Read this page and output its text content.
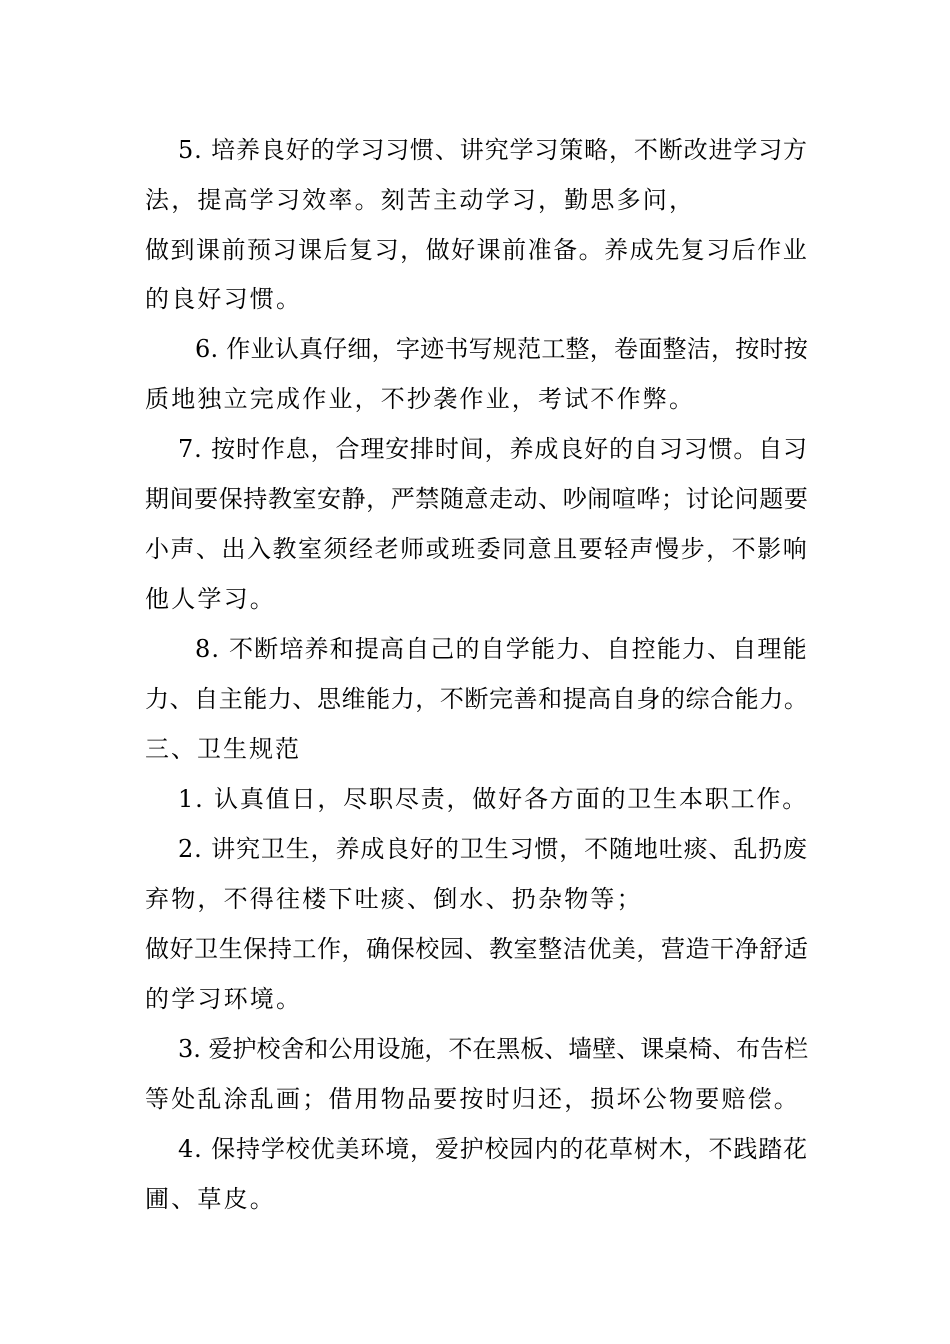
5. 培养良好的学习习惯、讲究学习策略，不断改进学习方
法，提高学习效率。刻苦主动学习，勤思多问，
做到课前预习课后复习，做好课前准备。养成先复习后作业
的良好习惯。
6. 作业认真仔细，字迹书写规范工整，卷面整洁，按时按
质地独立完成作业，不抄袭作业，考试不作弊。
7. 按时作息，合理安排时间，养成良好的自习习惯。自习
期间要保持教室安静，严禁随意走动、吵闹喧哗；讨论问题要
小声、出入教室须经老师或班委同意且要轻声慢步，不影响
他人学习。
8. 不断培养和提高自己的自学能力、自控能力、自理能
力、自主能力、思维能力，不断完善和提高自身的综合能力。
三、卫生规范
1. 认真值日，尽职尽责，做好各方面的卫生本职工作。
2. 讲究卫生，养成良好的卫生习惯，不随地吐痰、乱扔废
弃物，不得往楼下吐痰、倒水、扔杂物等；
做好卫生保持工作，确保校园、教室整洁优美，营造干净舒适
的学习环境。
3. 爱护校舍和公用设施，不在黑板、墙壁、课桌椅、布告栏
等处乱涂乱画；借用物品要按时归还，损坏公物要赔偿。
4. 保持学校优美环境，爱护校园内的花草树木，不践踏花
圃、草皮。
